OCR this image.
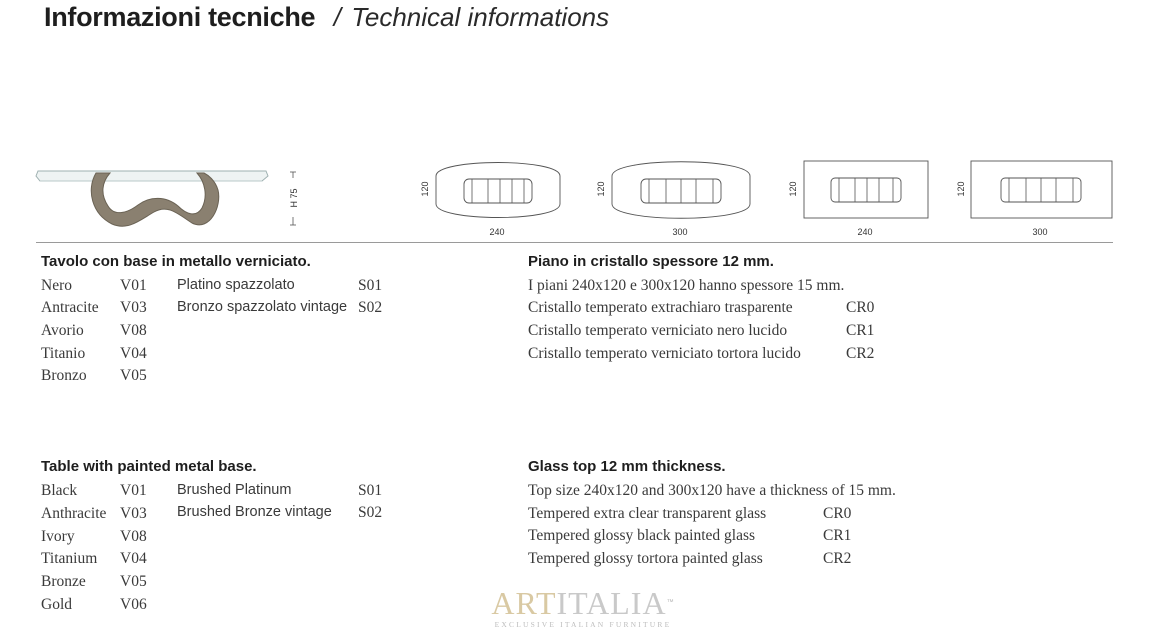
Informazioni tecniche / Technical informations
H 75	120
240
120
300
120
240
120
300
Tavolo con base in metallo verniciato.
Nero	V01
Antracite V03
Avorio V08
Titanio V04
Bronzo V05
Platino spazzolato	S01
Bronzo spazzolato vintage S02
Table with painted metal base.
Black	V01
Anthracite V03
Ivory	V08
Titanium V04
Bronze V05
Gold	V06
Brushed Platinum	S01
Brushed Bronze vintage S02
Piano in cristallo spessore 12 mm.
I piani 240x120 e 300x120 hanno spessore 15 mm.
Cristallo temperato extrachiaro trasparente	CR0
Cristallo temperato verniciato nero lucido	CR1
Cristallo temperato verniciato tortora lucido	CR2
Glass top 12 mm thickness.
Top size 240x120 and 300x120 have a thickness of 15 mm.
Tempered extra clear transparent glass	CR0
Tempered glossy black painted glass	CR1
Tempered glossy tortora painted glass	CR2
ARTITALIA™
EXCLUSIVE ITALIAN FURNITURE
